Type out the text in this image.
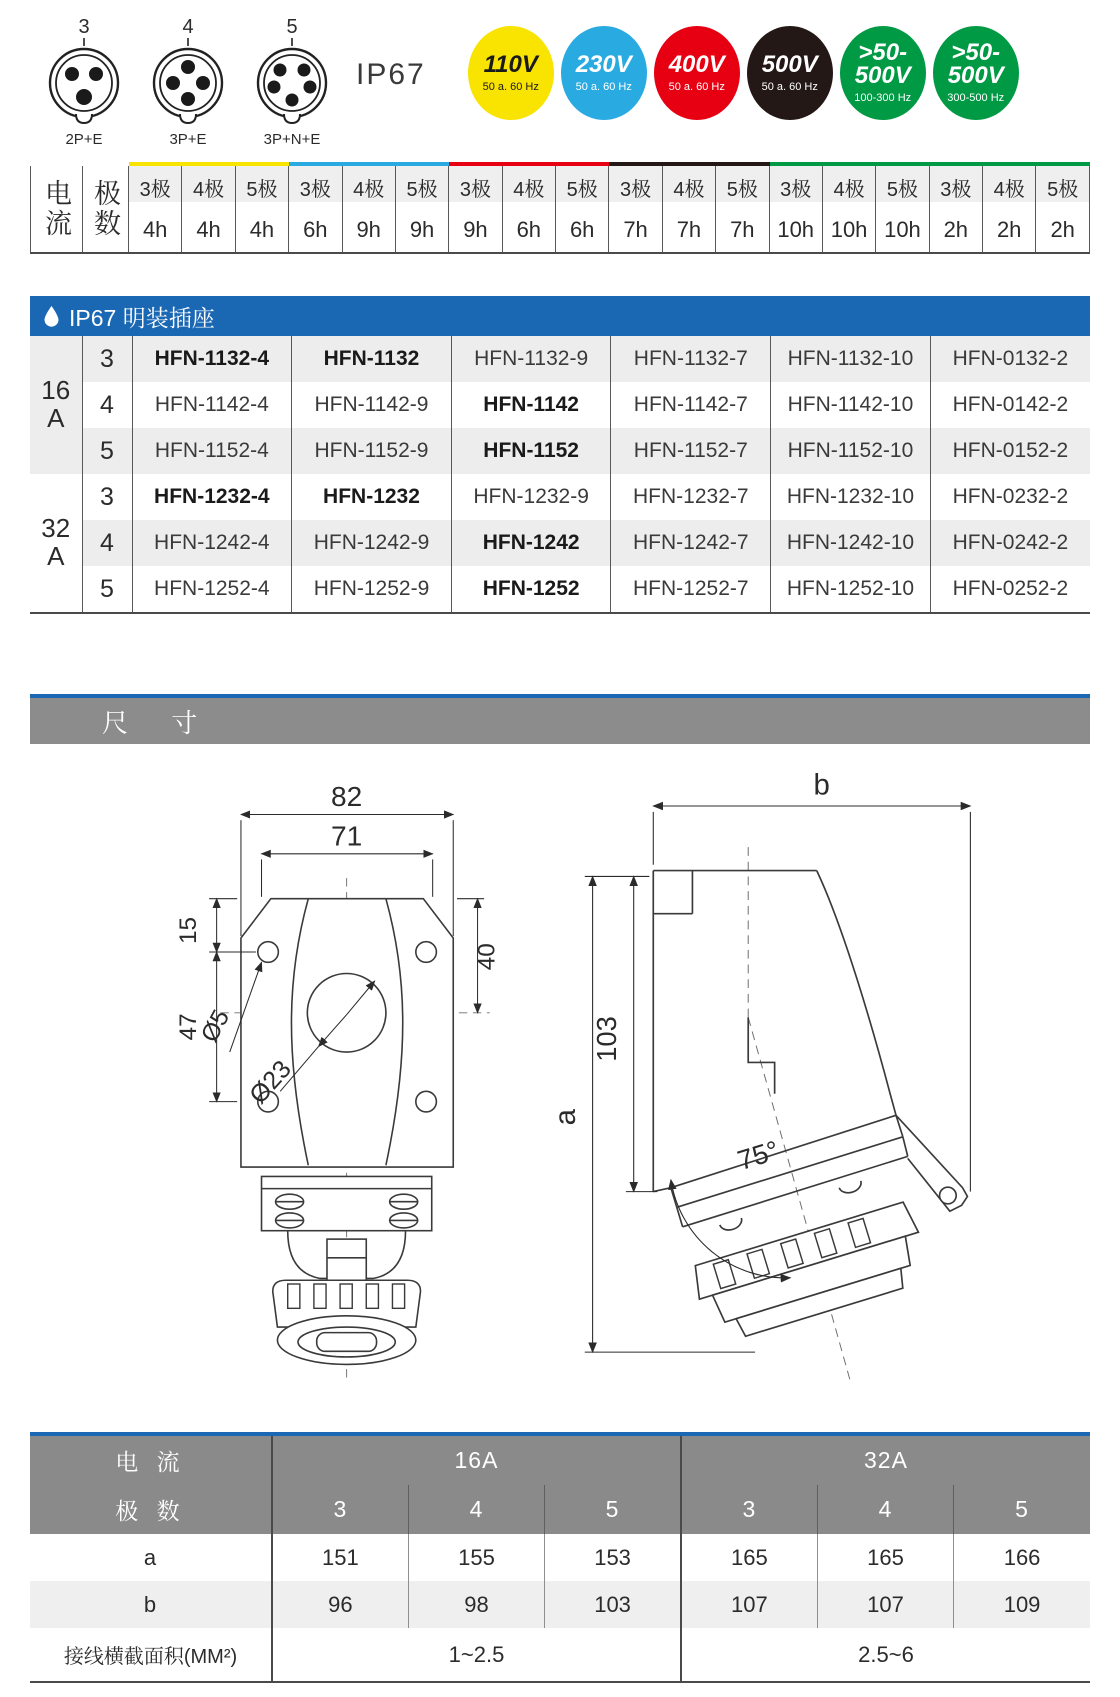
3
2P+E
4
3P+E
5
3P+N+E
IP67 110V
50 a. 60 Hz
230V
50 a. 60 Hz
400V
50 a. 60 Hz
500V
50 a. 60 Hz
>50-
500V
100-300 Hz
>50-
500V
300-500 Hz
电流	极数	3极	4极	5极	3极	4极	5极	3极	4极	5极	3极	4极	5极	3极	4极	5极	3极	4极	5极
		4h	4h	4h	6h	9h	9h	9h	6h	6h	7h	7h	7h	10h	10h	10h	2h	2h	2h
IP67 明装插座
16A	3	HFN-1132-4	HFN-1132	HFN-1132-9	HFN-1132-7	HFN-1132-10	HFN-0132-2
	4	HFN-1142-4	HFN-1142-9	HFN-1142	HFN-1142-7	HFN-1142-10	HFN-0142-2
	5	HFN-1152-4	HFN-1152-9	HFN-1152	HFN-1152-7	HFN-1152-10	HFN-0152-2
32A	3	HFN-1232-4	HFN-1232	HFN-1232-9	HFN-1232-7	HFN-1232-10	HFN-0232-2
	4	HFN-1242-4	HFN-1242-9	HFN-1242	HFN-1242-7	HFN-1242-10	HFN-0242-2
	5	HFN-1252-4	HFN-1252-9	HFN-1252	HFN-1252-7	HFN-1252-10	HFN-0252-2
尺 寸
82
71
15
47
40
Ø5
Ø23
b
a
103
75°
电 流	16A			32A		
极 数	3	4	5	3	4	5
a	151	155	153	165	165	166
b	96	98	103	107	107	109
接线横截面积(MM²)	1~2.5			2.5~6		
